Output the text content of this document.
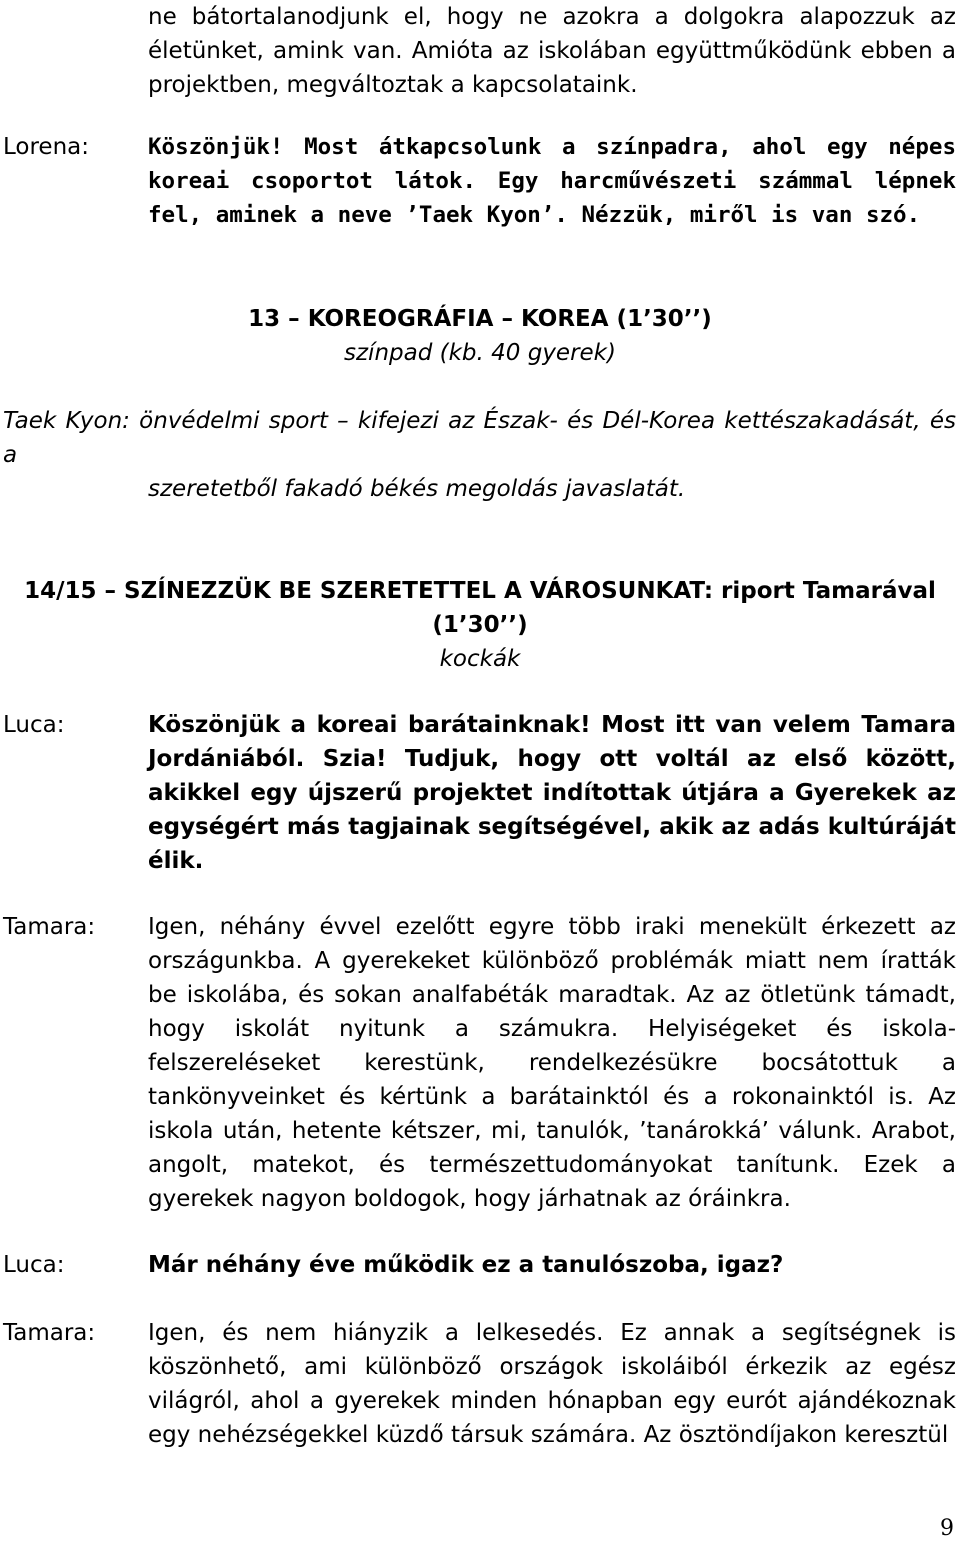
ne bátortalanodjunk el, hogy ne azokra a dolgokra alapozzuk az életünket, amink van. Amióta az iskolában együttműködünk ebben a projektben, megváltoztak a kapcsolataink.
Lorena:	Köszönjük! Most átkapcsolunk a színpadra, ahol egy népes koreai csoportot látok. Egy harcművészeti számmal lépnek fel, aminek a neve ’Taek Kyon’. Nézzük, miről is van szó.
13 – KOREOGRÁFIA – KOREA (1’30’’)
színpad (kb. 40 gyerek)
Taek Kyon: önvédelmi sport – kifejezi az Észak- és Dél-Korea kettészakadását, és a
szeretetből fakadó békés megoldás javaslatát.
14/15 – SZÍNEZZÜK BE SZERETETTEL A VÁROSUNKAT: riport Tamarával
(1’30’’)
kockák
Luca:	Köszönjük a koreai barátainknak! Most itt van velem Tamara Jordániából. Szia! Tudjuk, hogy ott voltál az első között, akikkel egy újszerű projektet indítottak útjára a Gyerekek az egységért más tagjainak segítségével, akik az adás kultúráját élik.
Tamara: Igen, néhány évvel ezelőtt egyre több iraki menekült érkezett az országunkba. A gyerekeket különböző problémák miatt nem íratták be iskolába, és sokan analfabéták maradtak. Az az ötletünk támadt, hogy iskolát nyitunk a számukra. Helyiségeket és iskola-felszereléseket kerestünk, rendelkezésükre bocsátottuk a tankönyveinket és kértünk a barátainktól és a rokonainktól is. Az iskola után, hetente kétszer, mi, tanulók, ’tanárokká’ válunk. Arabot, angolt, matekot, és természettudományokat tanítunk. Ezek a gyerekek nagyon boldogok, hogy járhatnak az óráinkra.
Luca:	Már néhány éve működik ez a tanulószoba, igaz?
Tamara: Igen, és nem hiányzik a lelkesedés. Ez annak a segítségnek is köszönhető, ami különböző országok iskoláiból érkezik az egész világról, ahol a gyerekek minden hónapban egy eurót ajándékoznak egy nehézségekkel küzdő társuk számára. Az ösztöndíjakon keresztül
9
